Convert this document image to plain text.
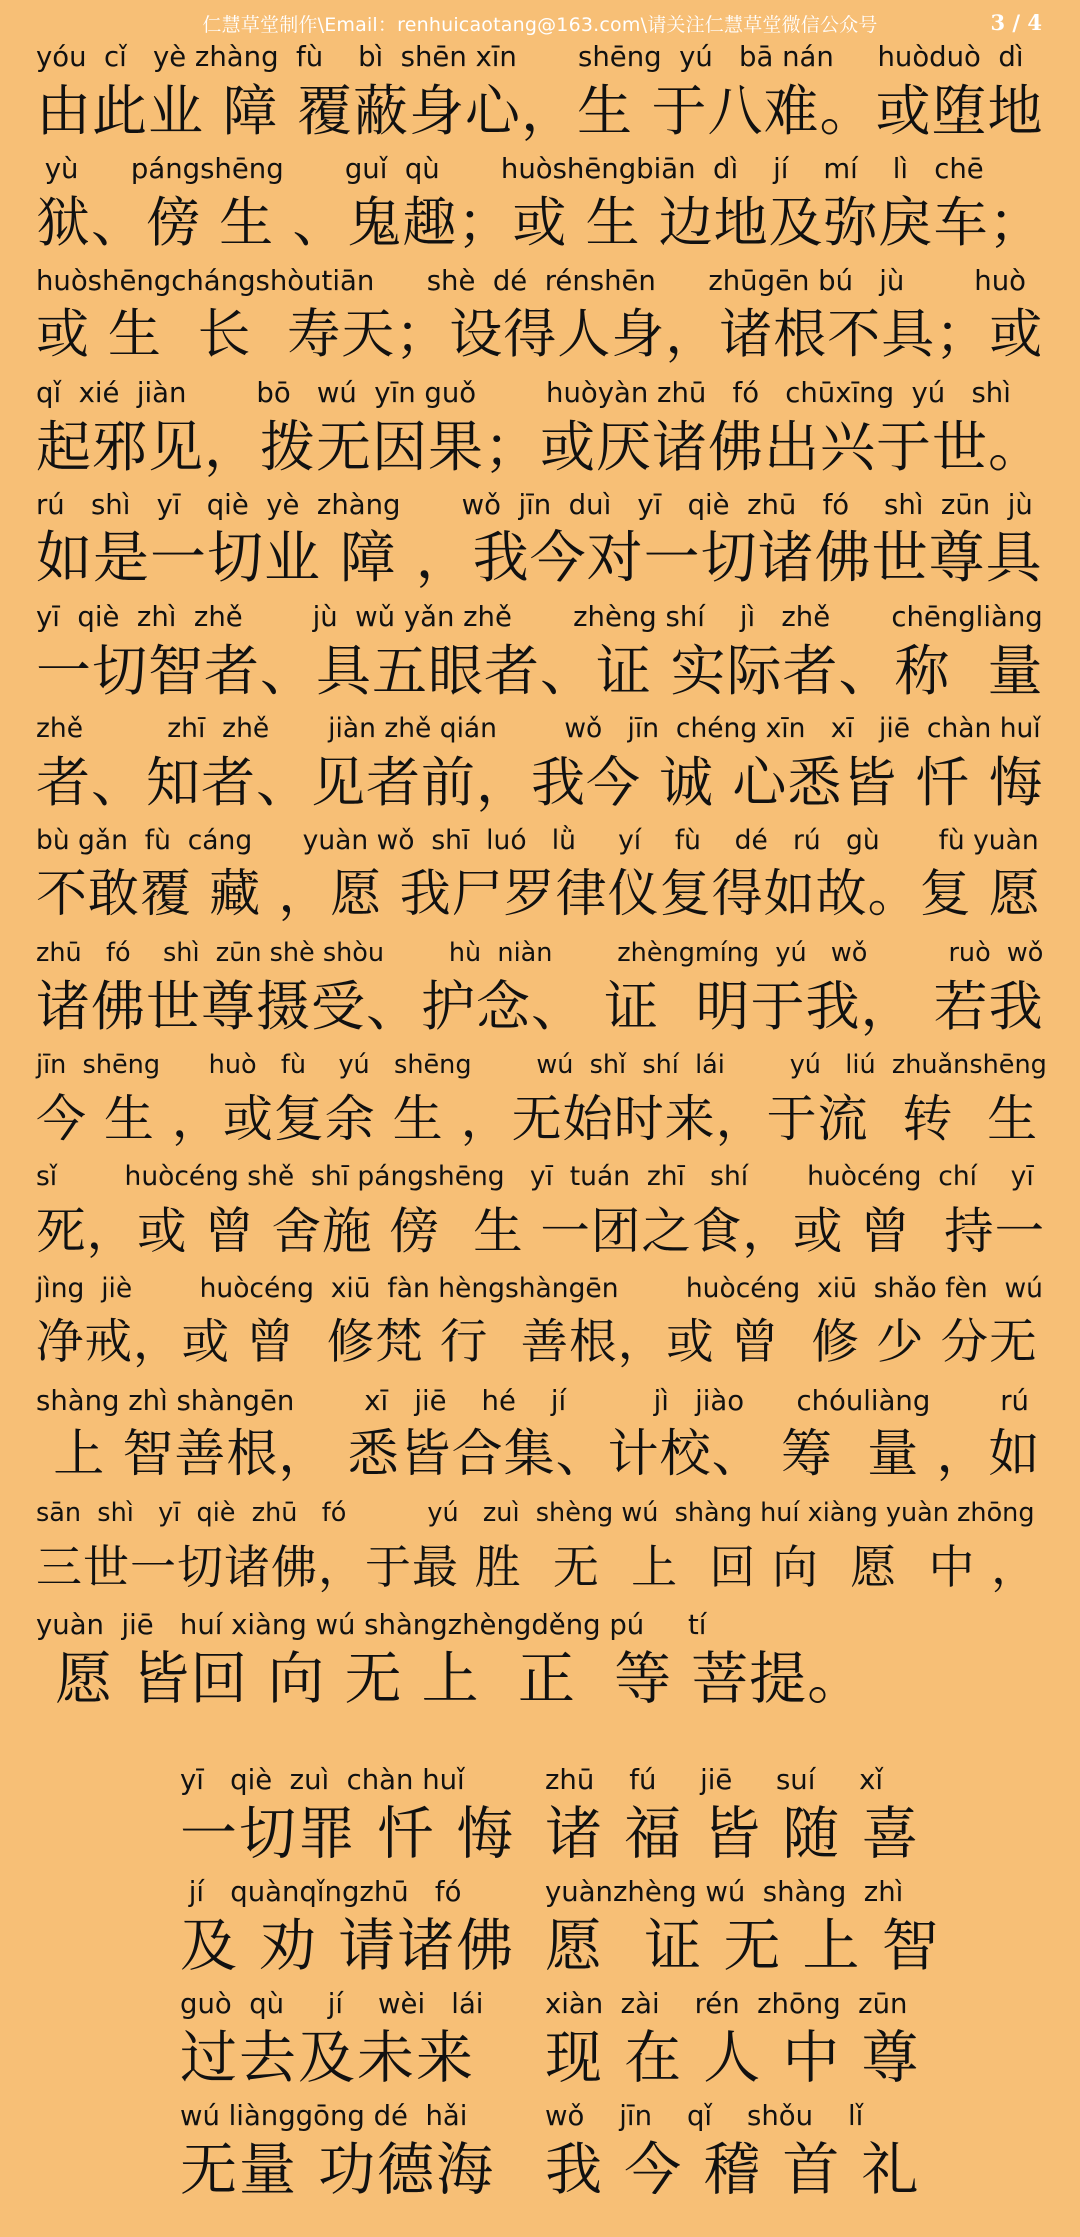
仁慧草堂制作\Email：renhuicaotang@163.com\请关注仁慧草堂微信公众号	3 / 4
yóu  cǐ   yè zhàng  fù    bì  shēn xīn       shēng  yú   bā nán     huòduò  dì
由此业 障 覆蔽身心，生 于八难。或堕地
yù      pángshēng       guǐ  qù       huòshēngbiān  dì    jí    mí    lì   chē
狱、傍 生 、鬼趣；或 生 边地及弥戾车；
huòshēngchángshòutiān      shè  dé  rénshēn      zhūgēn bú   jù        huò
或 生  长  寿天；设得人身，诸根不具；或
qǐ  xié  jiàn        bō   wú  yīn guǒ        huòyàn zhū   fó   chūxīng  yú   shì
起邪见，拨无因果；或厌诸佛出兴于世。
rú   shì   yī   qiè  yè  zhàng       wǒ  jīn  duì   yī   qiè  zhū   fó    shì  zūn  jù
如是一切业 障 ，我今对一切诸佛世尊具
yī  qiè  zhì  zhě        jù  wǔ yǎn zhě       zhèng shí    jì   zhě       chēngliàng
一切智者、具五眼者、证 实际者、称  量
zhě          zhī  zhě       jiàn zhě qián        wǒ   jīn  chéng xīn   xī   jiē  chàn huǐ
者、知者、见者前，我今 诚 心悉皆 忏 悔
bù gǎn  fù  cáng      yuàn wǒ  shī  luó   lǜ     yí    fù    dé   rú   gù       fù yuàn
不敢覆 藏 ，愿 我尸罗律仪复得如故。复 愿
zhū   fó    shì  zūn shè shòu        hù  niàn        zhèngmíng  yú   wǒ          ruò  wǒ
诸佛世尊摄受、护念、 证  明于我， 若我
jīn  shēng      huò   fù    yú   shēng        wú  shǐ  shí  lái        yú   liú  zhuǎnshēng
今 生 ，或复余 生 ，无始时来，于流  转  生
sǐ        huòcéng shě  shī pángshēng   yī  tuán  zhī   shí       huòcéng  chí    yī
死，或 曾 舍施 傍  生 一团之食，或 曾  持一
jìng  jiè        huòcéng  xiū  fàn hèngshàngēn        huòcéng  xiū  shǎo fèn  wú
净戒，或 曾  修梵 行  善根，或 曾  修 少 分无
shàng zhì shàngēn        xī   jiē    hé    jí          jì   jiào      chóuliàng        rú
上 智善根， 悉皆合集、计校、 筹  量 ，如
sān  shì   yī  qiè  zhū   fó          yú   zuì  shèng wú  shàng huí xiàng yuàn zhōng
三世一切诸佛，于最 胜  无  上  回 向  愿  中 ，
yuàn  jiē   huí xiàng wú shàngzhèngděng pú     tí
愿 皆回 向 无 上  正  等 菩提。
yī   qiè  zuì  chàn huǐ
一切罪 忏 悔
zhū    fú     jiē     suí     xǐ
诸 福 皆 随 喜
jí   quànqǐngzhū   fó
及 劝 请诸佛
yuànzhèng wú  shàng  zhì
愿  证 无 上 智
guò  qù     jí    wèi   lái
过去及未来
xiàn  zài    rén  zhōng  zūn
现 在 人 中 尊
wú liànggōng dé  hǎi
无量 功德海
wǒ    jīn    qǐ    shǒu    lǐ
我 今 稽 首 礼
